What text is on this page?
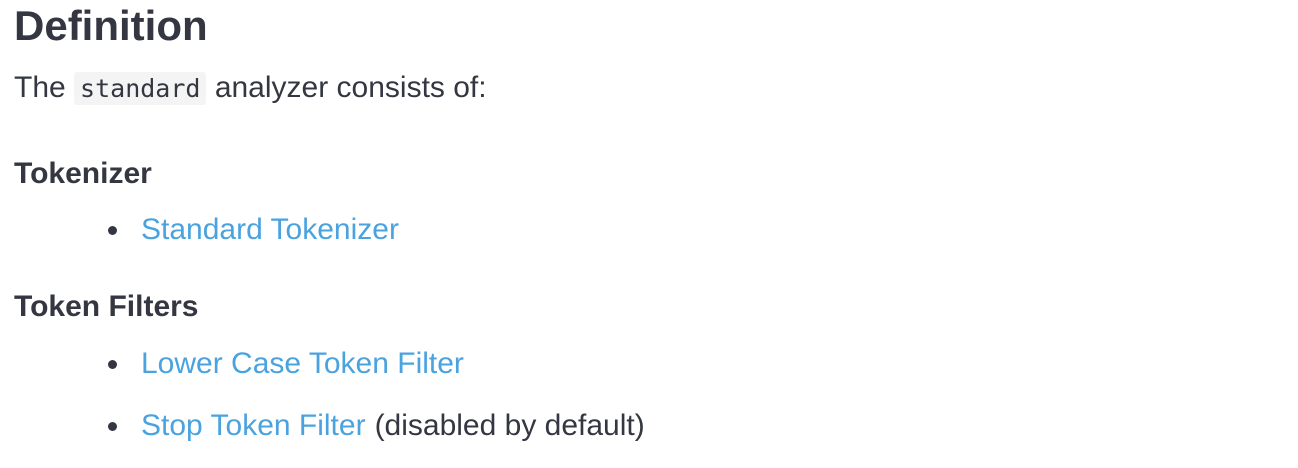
Definition

The standard analyzer consists of:

Tokenizer
Standard Tokenizer
Token Filters
Lower Case Token Filter
Stop Token Filter (disabled by default)
